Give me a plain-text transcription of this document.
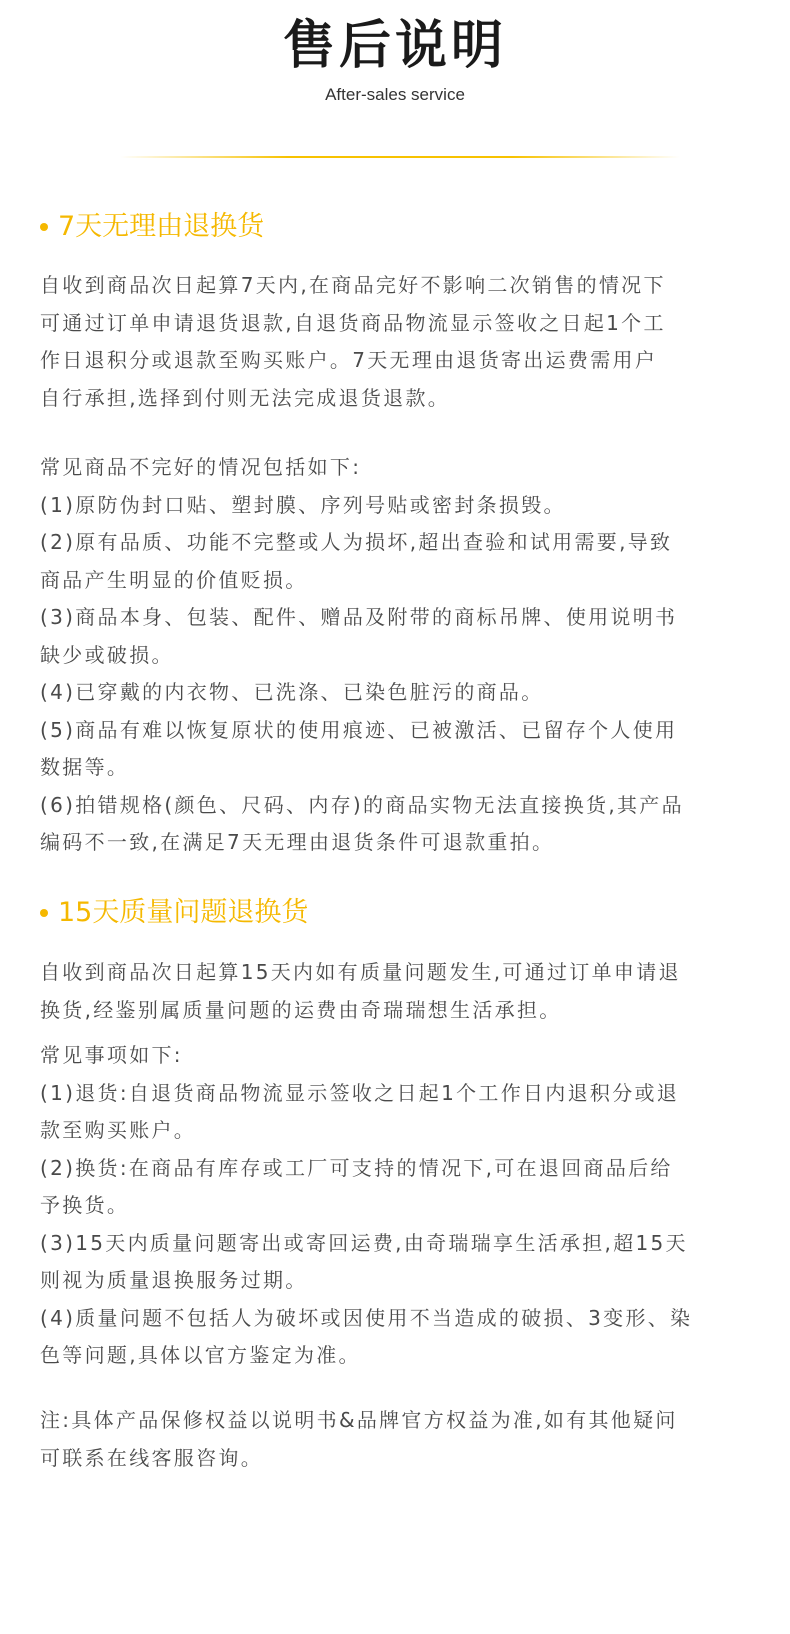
售后说明
After-sales service
7天无理由退换货

自收到商品次日起算7天内,在商品完好不影响二次销售的情况下
可通过订单申请退货退款,自退货商品物流显示签收之日起1个工
作日退积分或退款至购买账户。7天无理由退货寄出运费需用户
自行承担,选择到付则无法完成退货退款。

常见商品不完好的情况包括如下:
(1)原防伪封口贴、塑封膜、序列号贴或密封条损毁。
(2)原有品质、功能不完整或人为损坏,超出查验和试用需要,导致
商品产生明显的价值贬损。
(3)商品本身、包装、配件、赠品及附带的商标吊牌、使用说明书
缺少或破损。
(4)已穿戴的内衣物、已洗涤、已染色脏污的商品。
(5)商品有难以恢复原状的使用痕迹、已被激活、已留存个人使用
数据等。
(6)拍错规格(颜色、尺码、内存)的商品实物无法直接换货,其产品
编码不一致,在满足7天无理由退货条件可退款重拍。

15天质量问题退换货

自收到商品次日起算15天内如有质量问题发生,可通过订单申请退
换货,经鉴别属质量问题的运费由奇瑞瑞想生活承担。

常见事项如下:
(1)退货:自退货商品物流显示签收之日起1个工作日内退积分或退
款至购买账户。
(2)换货:在商品有库存或工厂可支持的情况下,可在退回商品后给
予换货。
(3)15天内质量问题寄出或寄回运费,由奇瑞瑞享生活承担,超15天
则视为质量退换服务过期。
(4)质量问题不包括人为破坏或因使用不当造成的破损、3变形、染
色等问题,具体以官方鉴定为准。

注:具体产品保修权益以说明书&品牌官方权益为准,如有其他疑问
可联系在线客服咨询。
